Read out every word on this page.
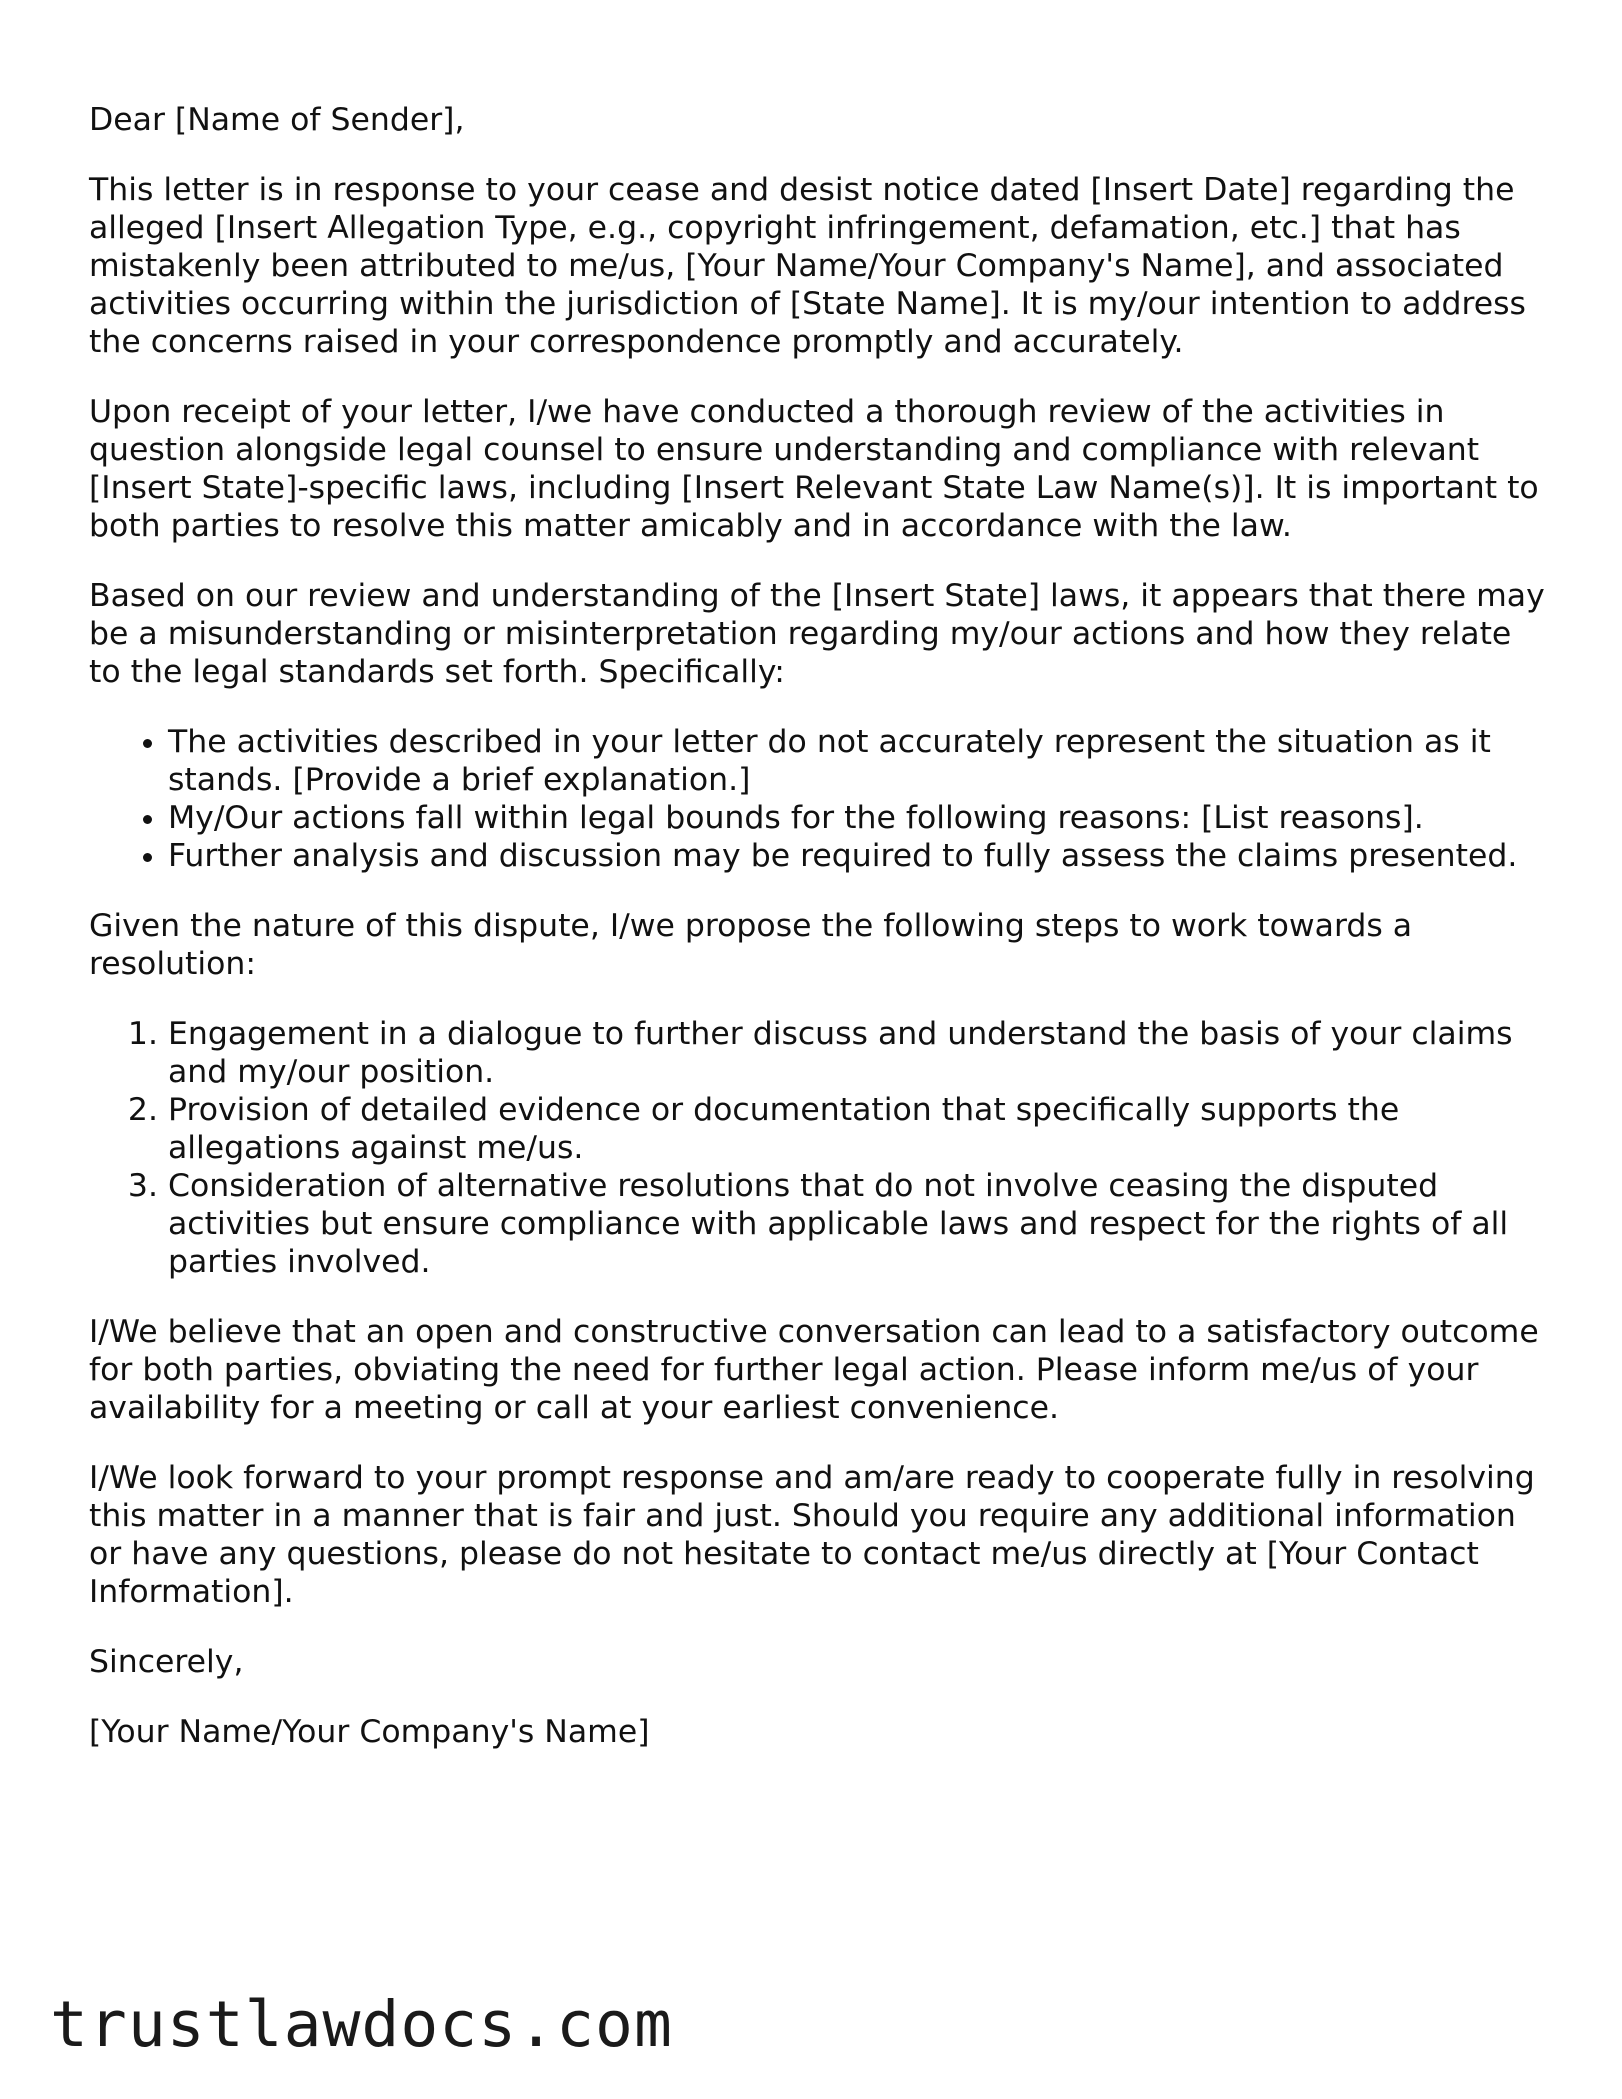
Dear [Name of Sender],

This letter is in response to your cease and desist notice dated [Insert Date] regarding the alleged [Insert Allegation Type, e.g., copyright infringement, defamation, etc.] that has mistakenly been attributed to me/us, [Your Name/Your Company's Name], and associated activities occurring within the jurisdiction of [State Name]. It is my/our intention to address the concerns raised in your correspondence promptly and accurately.

Upon receipt of your letter, I/we have conducted a thorough review of the activities in question alongside legal counsel to ensure understanding and compliance with relevant [Insert State]-specific laws, including [Insert Relevant State Law Name(s)]. It is important to both parties to resolve this matter amicably and in accordance with the law.

Based on our review and understanding of the [Insert State] laws, it appears that there may be a misunderstanding or misinterpretation regarding my/our actions and how they relate to the legal standards set forth. Specifically:

• The activities described in your letter do not accurately represent the situation as it stands. [Provide a brief explanation.]
• My/Our actions fall within legal bounds for the following reasons: [List reasons].
• Further analysis and discussion may be required to fully assess the claims presented.

Given the nature of this dispute, I/we propose the following steps to work towards a resolution:

1. Engagement in a dialogue to further discuss and understand the basis of your claims and my/our position.
2. Provision of detailed evidence or documentation that specifically supports the allegations against me/us.
3. Consideration of alternative resolutions that do not involve ceasing the disputed activities but ensure compliance with applicable laws and respect for the rights of all parties involved.

I/We believe that an open and constructive conversation can lead to a satisfactory outcome for both parties, obviating the need for further legal action. Please inform me/us of your availability for a meeting or call at your earliest convenience.

I/We look forward to your prompt response and am/are ready to cooperate fully in resolving this matter in a manner that is fair and just. Should you require any additional information or have any questions, please do not hesitate to contact me/us directly at [Your Contact Information].

Sincerely,

[Your Name/Your Company's Name]

trustlawdocs.com
